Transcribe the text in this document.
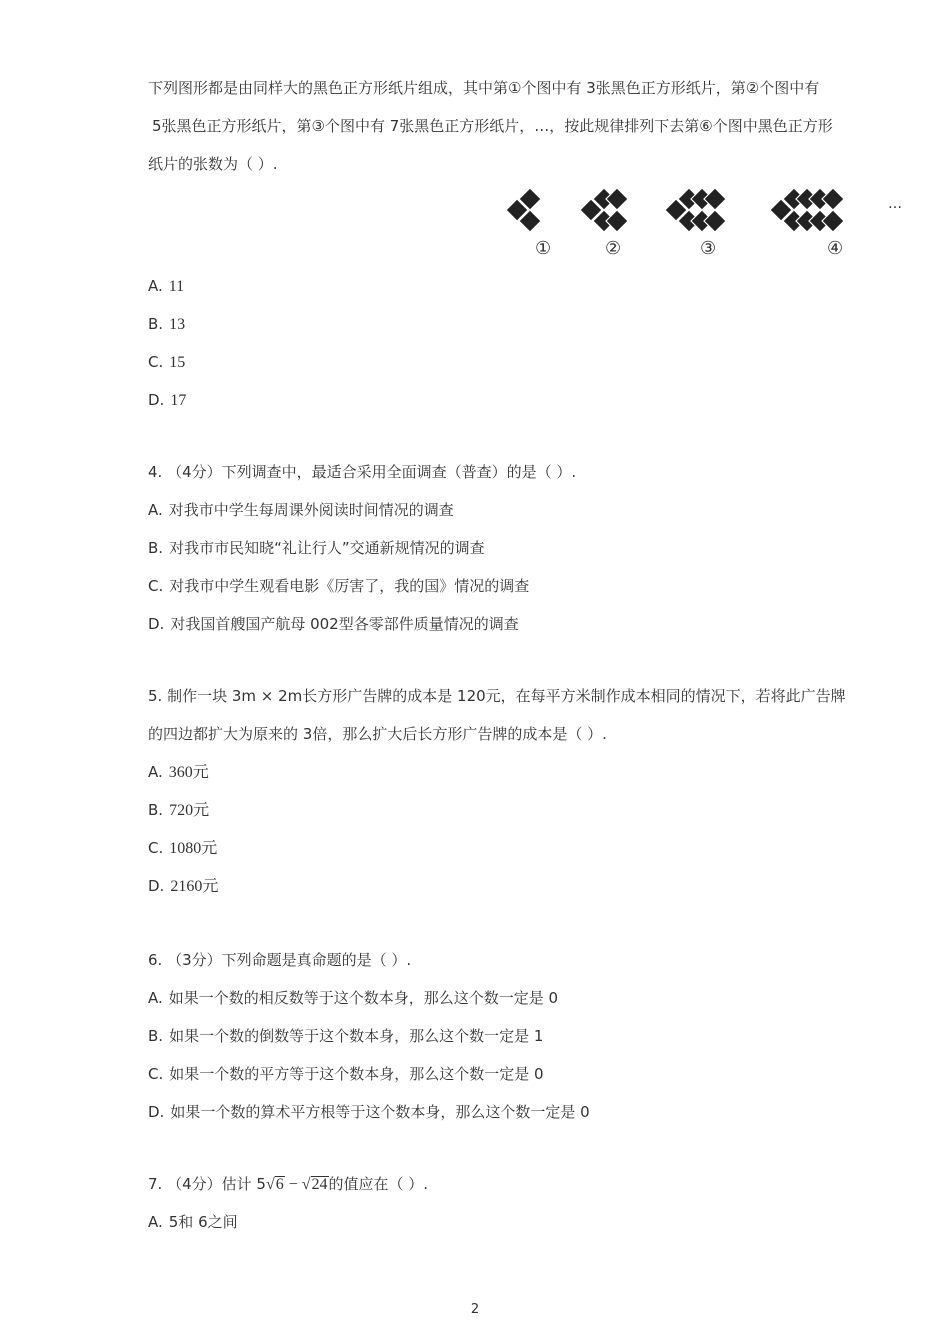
下列图形都是由同样大的黑色正方形纸片组成，其中第①个图中有 3张黑色正方形纸片，第②个图中有
5张黑色正方形纸片，第③个图中有 7张黑色正方形纸片，…，按此规律排列下去第⑥个图中黑色正方形
纸片的张数为（ ）.
①	②	③	④
…
A. 11
B. 13
C. 15
D. 17
4. （4分）下列调查中，最适合采用全面调查（普查）的是（ ）.
A. 对我市中学生每周课外阅读时间情况的调查
B. 对我市市民知晓“礼让行人”交通新规情况的调查
C. 对我市中学生观看电影《厉害了，我的国》情况的调查
D. 对我国首艘国产航母 002型各零部件质量情况的调查
5. 制作一块 3m × 2m长方形广告牌的成本是 120元，在每平方米制作成本相同的情况下，若将此广告牌
的四边都扩大为原来的 3倍，那么扩大后长方形广告牌的成本是（ ）.
A. 360元
B. 720元
C. 1080元
D. 2160元
6. （3分）下列命题是真命题的是（ ）.
A. 如果一个数的相反数等于这个数本身，那么这个数一定是 0
B. 如果一个数的倒数等于这个数本身，那么这个数一定是 1
C. 如果一个数的平方等于这个数本身，那么这个数一定是 0
D. 如果一个数的算术平方根等于这个数本身，那么这个数一定是 0
7. （4分）估计 5√6 − √24的值应在（ ）.
A. 5和 6之间
2
